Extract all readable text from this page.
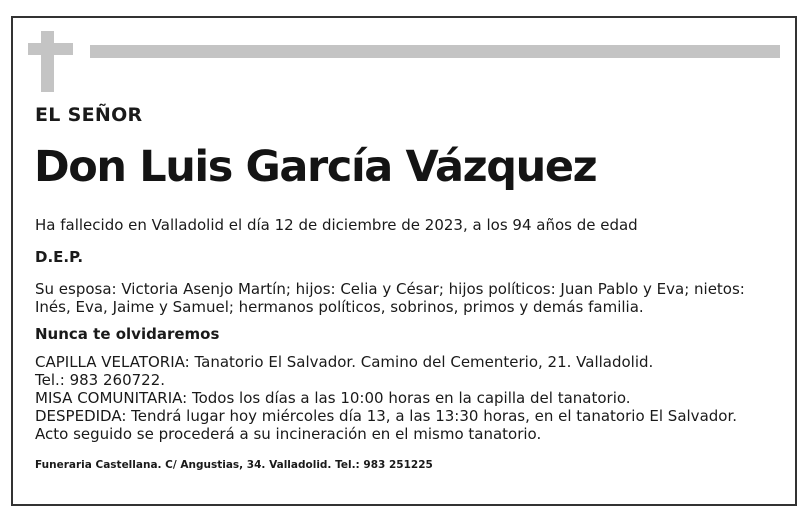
EL SEÑOR
Don Luis García Vázquez
Ha fallecido en Valladolid el día 12 de diciembre de 2023, a los 94 años de edad
D.E.P.
Su esposa: Victoria Asenjo Martín; hijos: Celia y César; hijos políticos: Juan Pablo y Eva; nietos:
Inés, Eva, Jaime y Samuel; hermanos políticos, sobrinos, primos y demás familia.
Nunca te olvidaremos
CAPILLA VELATORIA: Tanatorio El Salvador. Camino del Cementerio, 21. Valladolid.
Tel.: 983 260722.
MISA COMUNITARIA: Todos los días a las 10:00 horas en la capilla del tanatorio.
DESPEDIDA: Tendrá lugar hoy miércoles día 13, a las 13:30 horas, en el tanatorio El Salvador.
Acto seguido se procederá a su incineración en el mismo tanatorio.
Funeraria Castellana. C/ Angustias, 34. Valladolid. Tel.: 983 251225
